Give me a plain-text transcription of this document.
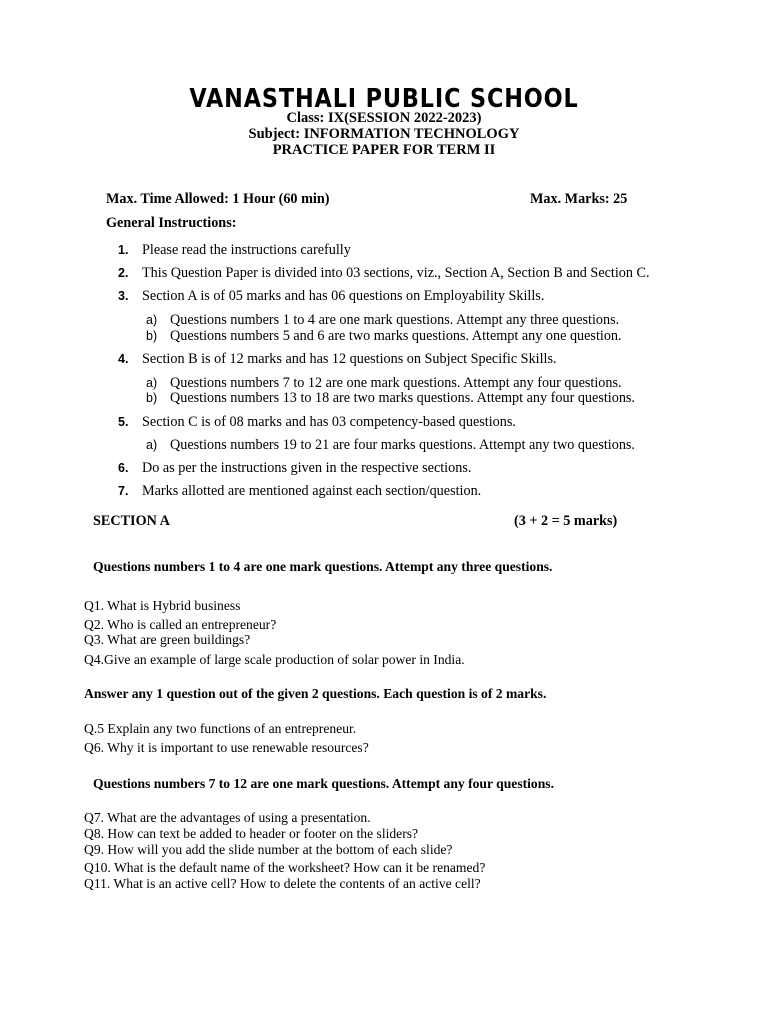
VANASTHALI PUBLIC SCHOOL
Class: IX(SESSION 2022-2023)
Subject: INFORMATION TECHNOLOGY
PRACTICE PAPER FOR TERM II
Max. Time Allowed: 1 Hour (60 min)	Max. Marks: 25
General Instructions:
1. Please read the instructions carefully
2. This Question Paper is divided into 03 sections, viz., Section A, Section B and Section C.
3. Section A is of 05 marks and has 06 questions on Employability Skills.
a) Questions numbers 1 to 4 are one mark questions. Attempt any three questions.
b) Questions numbers 5 and 6 are two marks questions. Attempt any one question.
4. Section B is of 12 marks and has 12 questions on Subject Specific Skills.
a) Questions numbers 7 to 12 are one mark questions. Attempt any four questions.
b) Questions numbers 13 to 18 are two marks questions. Attempt any four questions.
5. Section C is of 08 marks and has 03 competency-based questions.
a) Questions numbers 19 to 21 are four marks questions. Attempt any two questions.
6. Do as per the instructions given in the respective sections.
7. Marks allotted are mentioned against each section/question.
SECTION A	(3 + 2 = 5 marks)
Questions numbers 1 to 4 are one mark questions. Attempt any three questions.
Q1. What is Hybrid business
Q2. Who is called an entrepreneur?
Q3. What are green buildings?
Q4.Give an example of large scale production of solar power in India.
Answer any 1 question out of the given 2 questions. Each question is of 2 marks.
Q.5 Explain any two functions of an entrepreneur.
Q6. Why it is important to use renewable resources?
Questions numbers 7 to 12 are one mark questions. Attempt any four questions.
Q7. What are the advantages of using a presentation.
Q8. How can text be added to header or footer on the sliders?
Q9. How will you add the slide number at the bottom of each slide?
Q10. What is the default name of the worksheet? How can it be renamed?
Q11. What is an active cell? How to delete the contents of an active cell?
